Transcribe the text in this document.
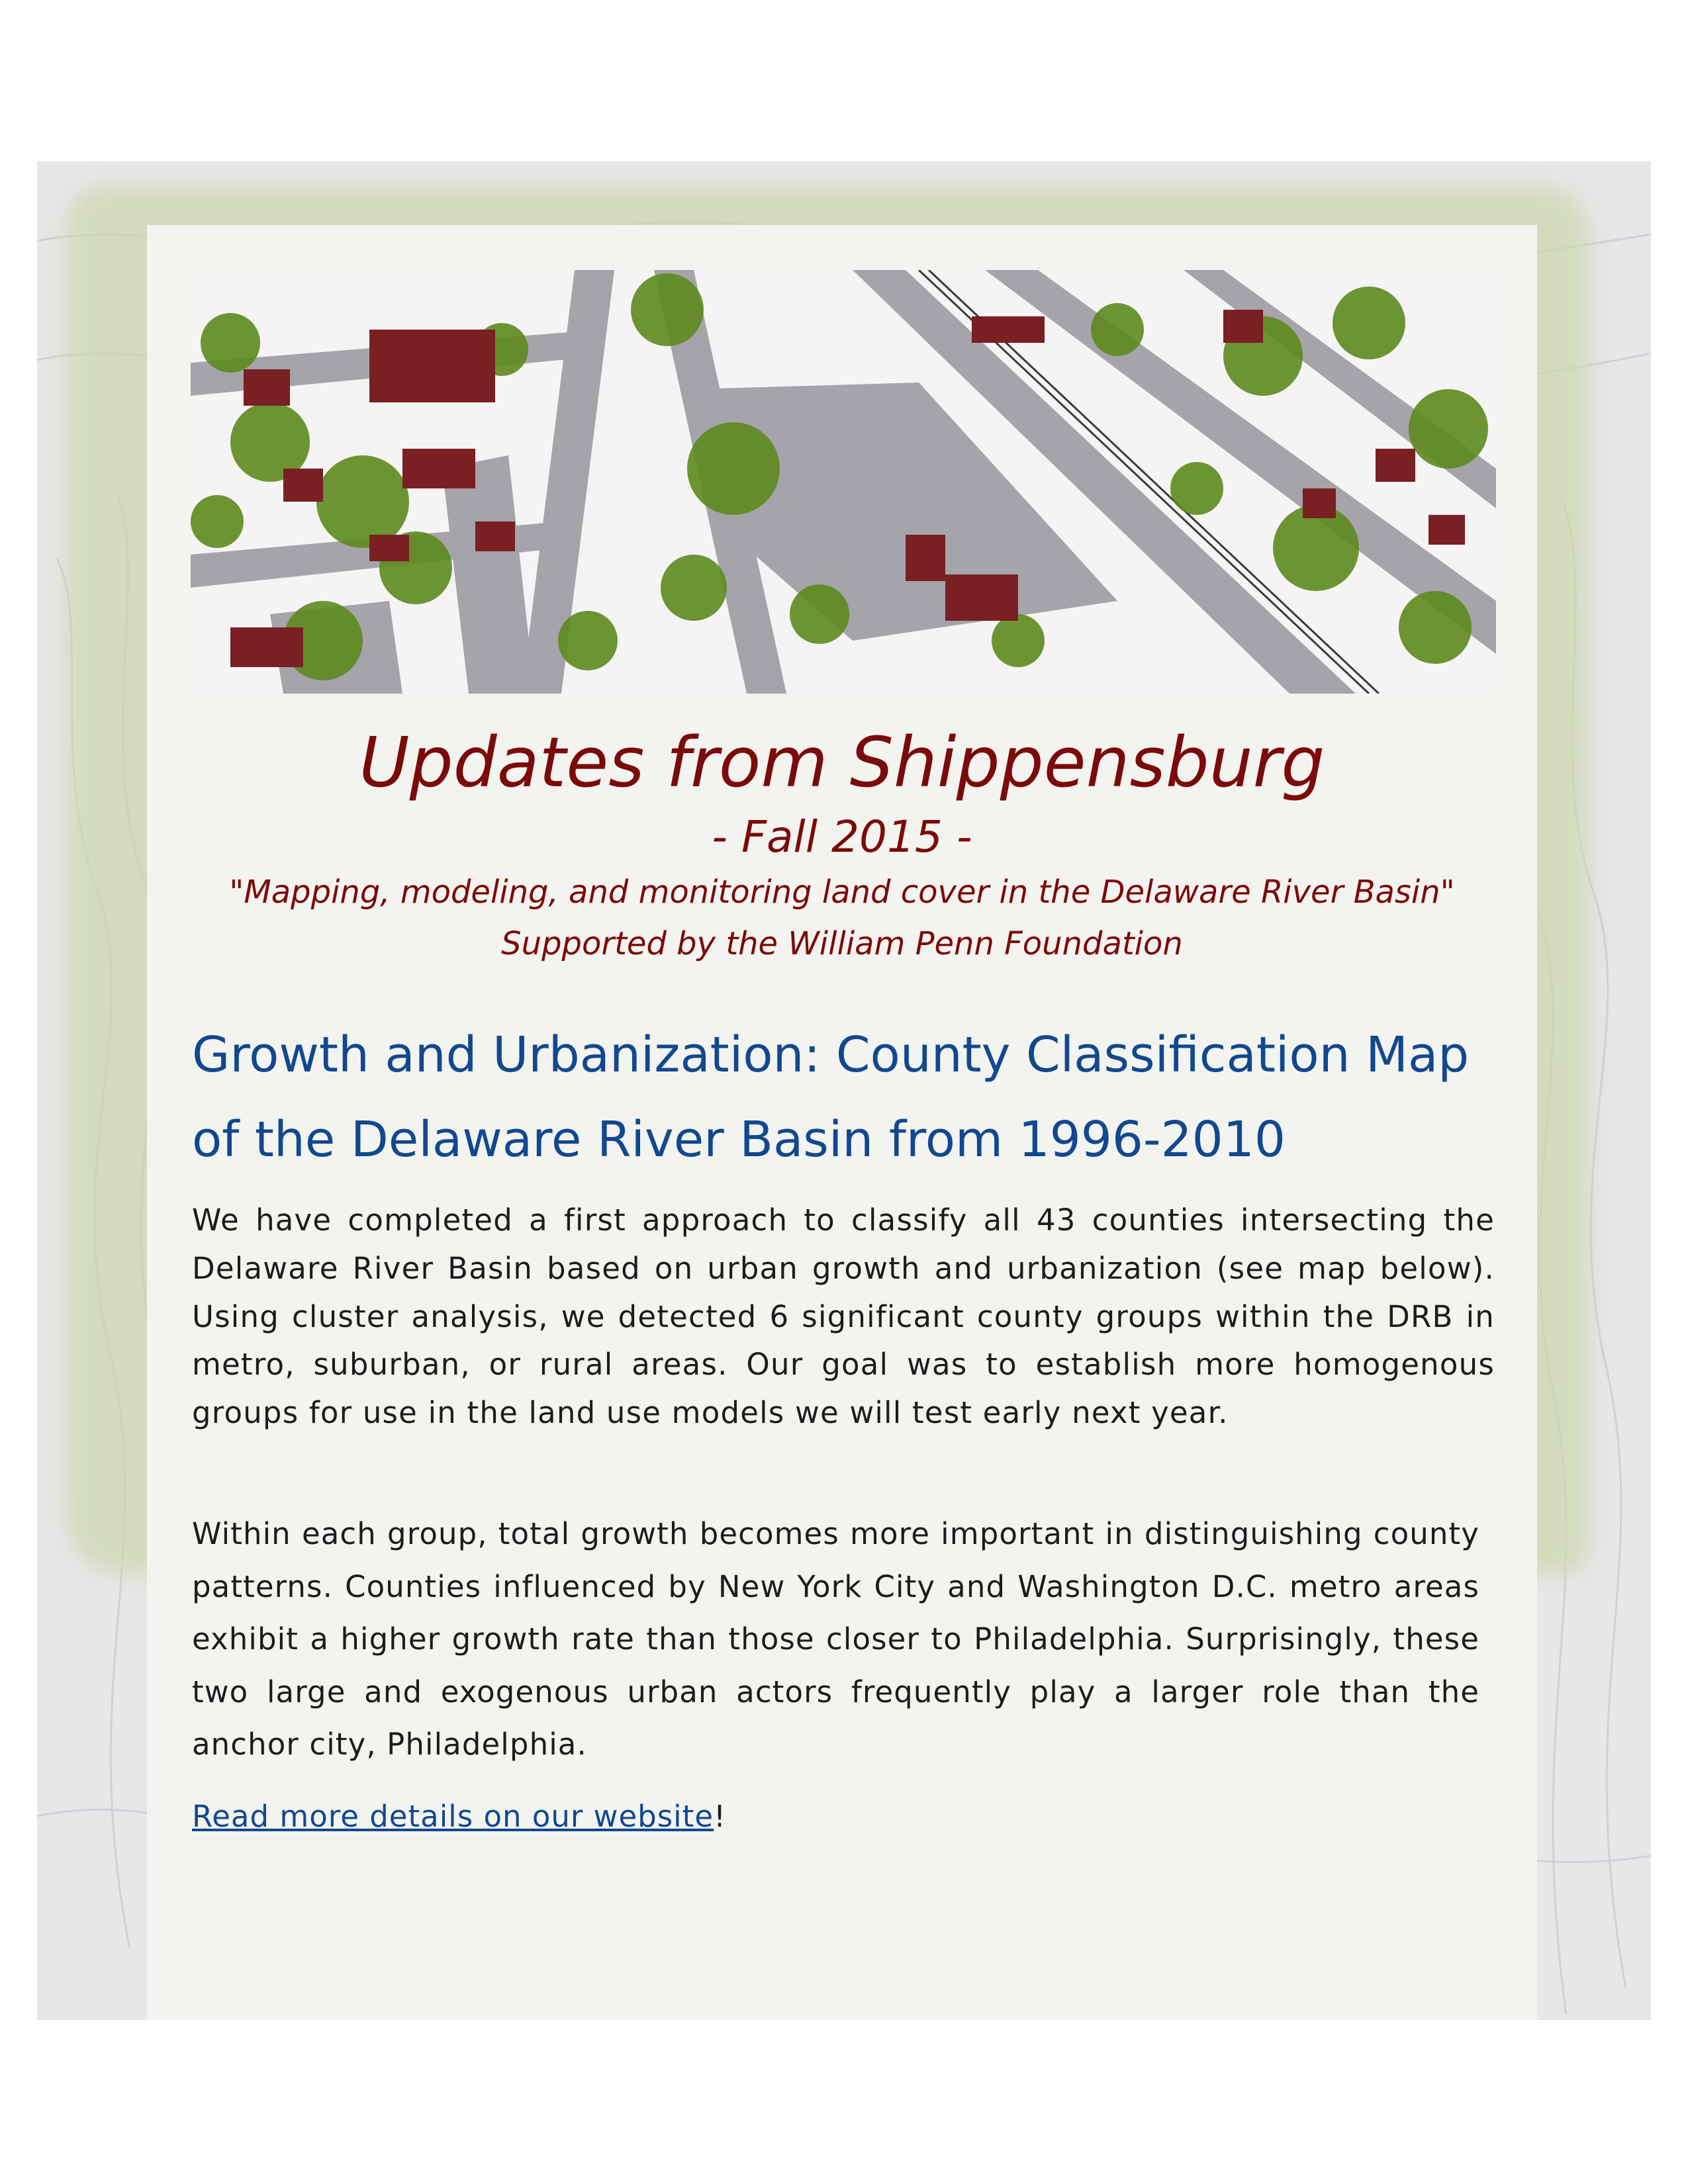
Updates from Shippensburg
- Fall 2015 -
"Mapping, modeling, and monitoring land cover in the Delaware River Basin"
Supported by the William Penn Foundation
Growth and Urbanization: County Classification Map of the Delaware River Basin from 1996-2010
We have completed a first approach to classify all 43 counties intersecting the Delaware River Basin based on urban growth and urbanization (see map below). Using cluster analysis, we detected 6 significant county groups within the DRB in metro, suburban, or rural areas. Our goal was to establish more homogenous groups for use in the land use models we will test early next year.
Within each group, total growth becomes more important in distinguishing county patterns. Counties influenced by New York City and Washington D.C. metro areas exhibit a higher growth rate than those closer to Philadelphia. Surprisingly, these two large and exogenous urban actors frequently play a larger role than the anchor city, Philadelphia.
Read more details on our website!
